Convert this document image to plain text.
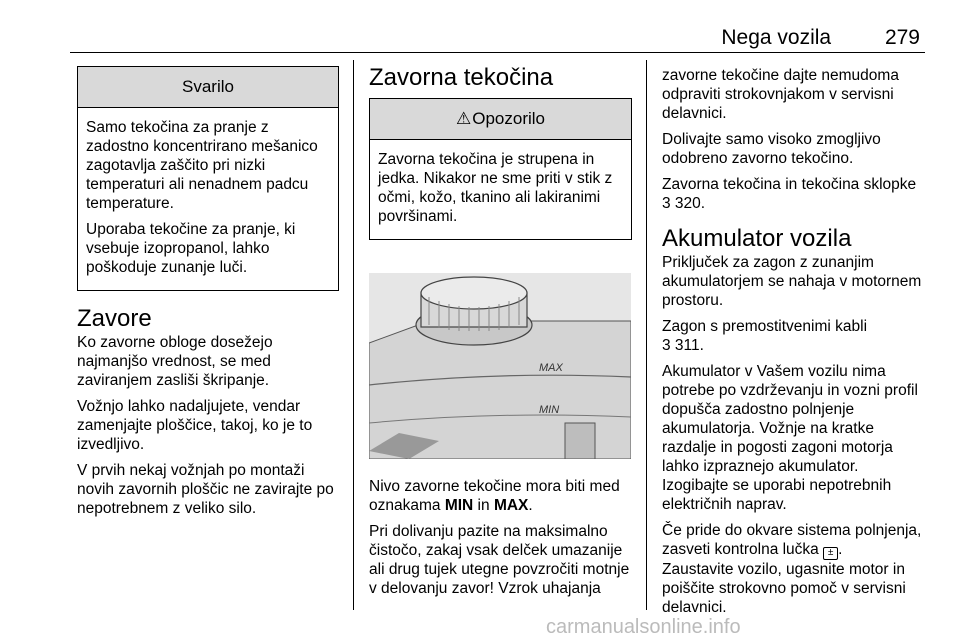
Nega vozila	279
Svarilo

Samo tekočina za pranje z zadostno koncentrirano mešanico zagotavlja zaščito pri nizki temperaturi ali nenadnem padcu temperature.

Uporaba tekočine za pranje, ki vsebuje izopropanol, lahko poškoduje zunanje luči.

Zavore

Ko zavorne obloge dosežejo najmanjšo vrednost, se med zaviranjem zasliši škripanje.

Vožnjo lahko nadaljujete, vendar zamenjajte ploščice, takoj, ko je to izvedljivo.

V prvih nekaj vožnjah po montaži novih zavornih ploščic ne zavirajte po nepotrebnem z veliko silo.

Zavorna tekočina
⚠Opozorilo

Zavorna tekočina je strupena in jedka. Nikakor ne sme priti v stik z očmi, kožo, tkanino ali lakiranimi površinami.

MAX
MIN

Nivo zavorne tekočine mora biti med oznakama MIN in MAX.

Pri dolivanju pazite na maksimalno čistočo, zakaj vsak delček umazanije ali drug tujek utegne povzročiti motnje v delovanju zavor! Vzrok uhajanja

zavorne tekočine dajte nemudoma odpraviti strokovnjakom v servisni delavnici.

Dolivajte samo visoko zmogljivo odobreno zavorno tekočino.

Zavorna tekočina in tekočina sklopke
3 320.

Akumulator vozila

Priključek za zagon z zunanjim akumulatorjem se nahaja v motornem prostoru.

Zagon s premostitvenimi kabli
3 311.

Akumulator v Vašem vozilu nima potrebe po vzdrževanju in vozni profil dopušča zadostno polnjenje akumulatorja. Vožnje na kratke razdalje in pogosti zagoni motorja lahko izpraznejo akumulator. Izogibajte se uporabi nepotrebnih električnih naprav.

Če pride do okvare sistema polnjenja, zasveti kontrolna lučka ± .

Zaustavite vozilo, ugasnite motor in poiščite strokovno pomoč v servisni delavnici.

carmanualsonline.info
